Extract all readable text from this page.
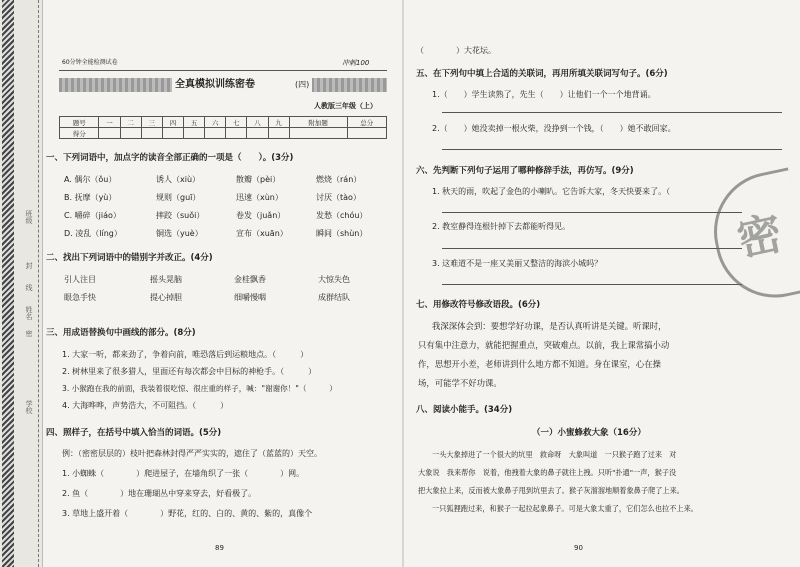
班级
封
线
姓名
密
学校
60分钟全能检测试卷	冲刺100
全真模拟训练密卷	(四)
人教版三年级（上）
题号	一	二	三	四	五	六	七	八	九	附加题	总分
得分											
一、下列词语中，加点字的读音全部正确的一项是（　　）。(3分)
A. 偶尔（ǒu）	诱人（xiù）	散瓣（pèi）	燃烧（rán）
B. 抚摩（yù）	规则（guī）	迅速（xùn）	讨厌（tào）
C. 嚼碎（jiáo）	摔跤（suǒi）	卷发（juǎn）	发愁（chóu）
D. 凌乱（líng）	铜选（yuè）	宣布（xuān）	瞬间（shùn）
二、找出下列词语中的错别字并改正。(4分)
引人注目	摇头晃脑	金桂飘香	大惊失色
眼急手快	提心掉胆	细嚼慢咽	成群结队
三、用成语替换句中画线的部分。(8分)
1. 大家一听，都来劲了，争着向前，唯恐落后到运粮地点。（　　　）
2. 树林里来了很多猎人，里面还有每次都会中目标的神枪手。（　　　）
3. 小猴跑在我的前面，我装着很吃惊、很庄重的样子，喊："谢谢你！"（　　　）
4. 大海哗哗，声势浩大，不可阻挡。（　　　）
四、照样子，在括号中填入恰当的词语。(5分)
例：（密密层层的）枝叶把森林封得严严实实的，遮住了（蓝蓝的）天空。
1. 小蜘蛛（　　　　）爬进屋子，在墙角织了一张（　　　　）网。
2. 鱼（　　　　）地在珊瑚丛中穿来穿去，好看极了。
3. 草地上盛开着（　　　　）野花，红的、白的、黄的、紫的，真像个
89
（　　　　）大花坛。
五、在下列句中填上合适的关联词，再用所填关联词写句子。(6分)
1.（　　）学生读熟了，先生（　　）让他们一个一个地背诵。
2.（　　）她没卖掉一根火柴，没挣到一个钱，（　　）她不敢回家。
六、先判断下列句子运用了哪种修辞手法，再仿写。(9分)
1. 秋天的雨，吹起了金色的小喇叭。它告诉大家，冬天快要来了。（
2. 教室静得连根针掉下去都能听得见。
3. 这难道不是一座又美丽又整洁的海滨小城吗？
七、用修改符号修改语段。(6分)
我深深体会到：要想学好功课，是否认真听讲是关键。听课时，
只有集中注意力，就能把握重点，突破难点。以前，我上课常搞小动
作，思想开小差，老师讲到什么地方都不知道。身在课室，心在操
场，可能学不好功课。
八、阅读小能手。(34分)
（一）小蜜蜂救大象（16分）
一头大象掉进了一个很大的坑里　救命呀　大象叫道　一只猴子跑了过来　对
大象说　我来帮你　说着，他拽着大象的鼻子就往上拽。只听"扑通"一声，猴子没
把大象拉上来，反而被大象鼻子甩到坑里去了。猴子灰溜溜地顺着象鼻子爬了上来。
一只狐狸跑过来，和猴子一起拉起象鼻子。可是大象太重了，它们怎么也拉不上来。
90
密
